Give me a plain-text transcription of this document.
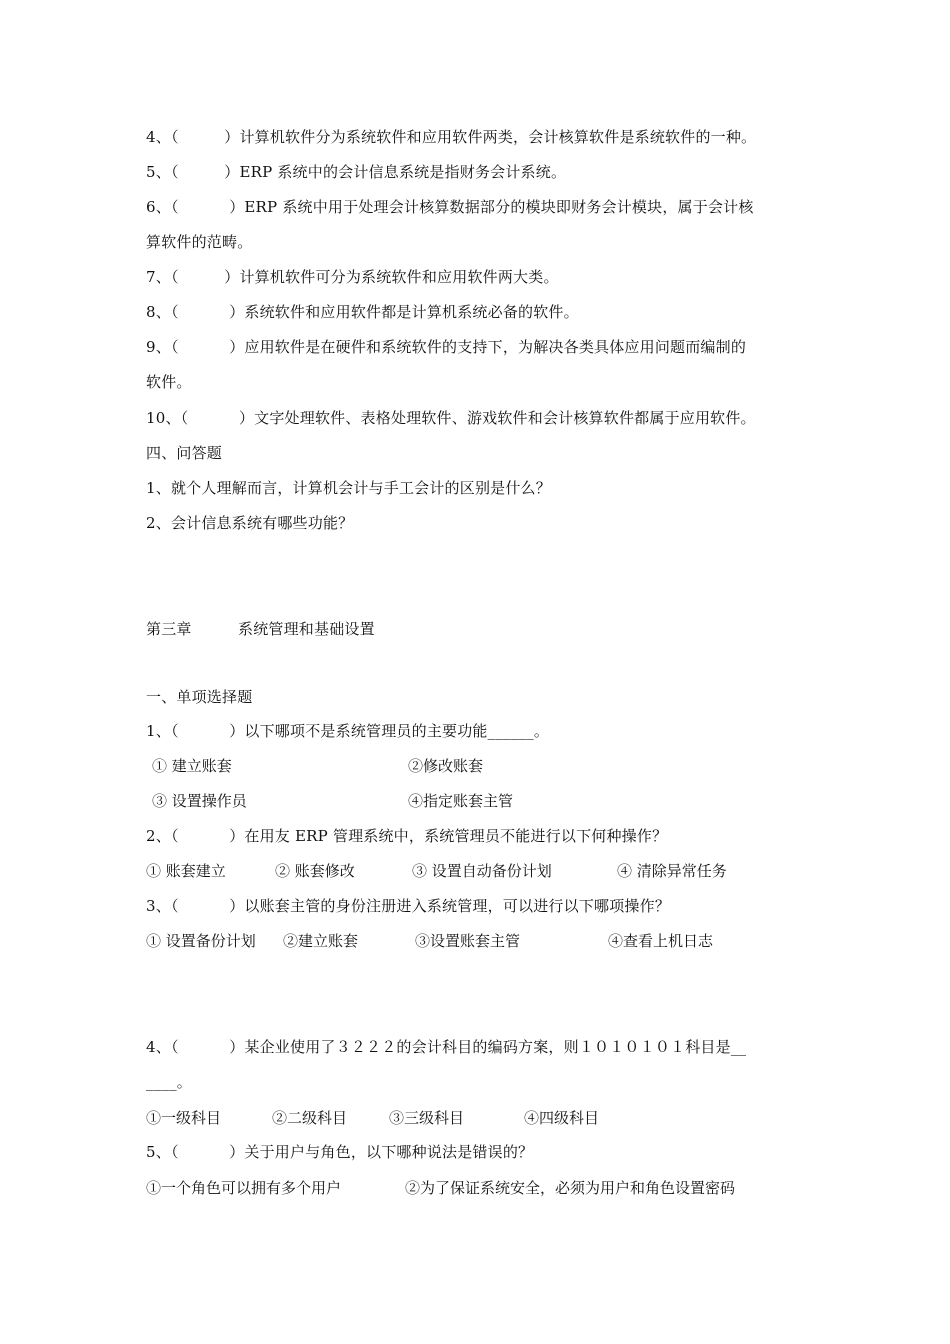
4、（　　　）计算机软件分为系统软件和应用软件两类，会计核算软件是系统软件的一种。
5、（　　　）ERP 系统中的会计信息系统是指财务会计系统。
6、（　　　 ）ERP 系统中用于处理会计核算数据部分的模块即财务会计模块，属于会计核
算软件的范畴。
7、（　　　）计算机软件可分为系统软件和应用软件两大类。
8、（　　　 ）系统软件和应用软件都是计算机系统必备的软件。
9、（　　　 ）应用软件是在硬件和系统软件的支持下，为解决各类具体应用问题而编制的
软件。
10、（　　　 ）文字处理软件、表格处理软件、游戏软件和会计核算软件都属于应用软件。
四、问答题
1、就个人理解而言，计算机会计与手工会计的区别是什么？
2、会计信息系统有哪些功能？
第三章	系统管理和基础设置
一、单项选择题
1、（　　　 ）以下哪项不是系统管理员的主要功能______。
① 建立账套	②修改账套
③ 设置操作员	④指定账套主管
2、（　　　 ）在用友 ERP 管理系统中，系统管理员不能进行以下何种操作？
① 账套建立	② 账套修改	③ 设置自动备份计划	④ 清除异常任务
3、（　　　 ）以账套主管的身份注册进入系统管理，可以进行以下哪项操作？
① 设置备份计划 ②建立账套	③设置账套主管	④查看上机日志
4、（　　　 ）某企业使用了３２２２的会计科目的编码方案，则１０１０１０１科目是__
____。
①一级科目	②二级科目	③三级科目	④四级科目
5、（　　　 ）关于用户与角色，以下哪种说法是错误的？
①一个角色可以拥有多个用户	②为了保证系统安全，必须为用户和角色设置密码
